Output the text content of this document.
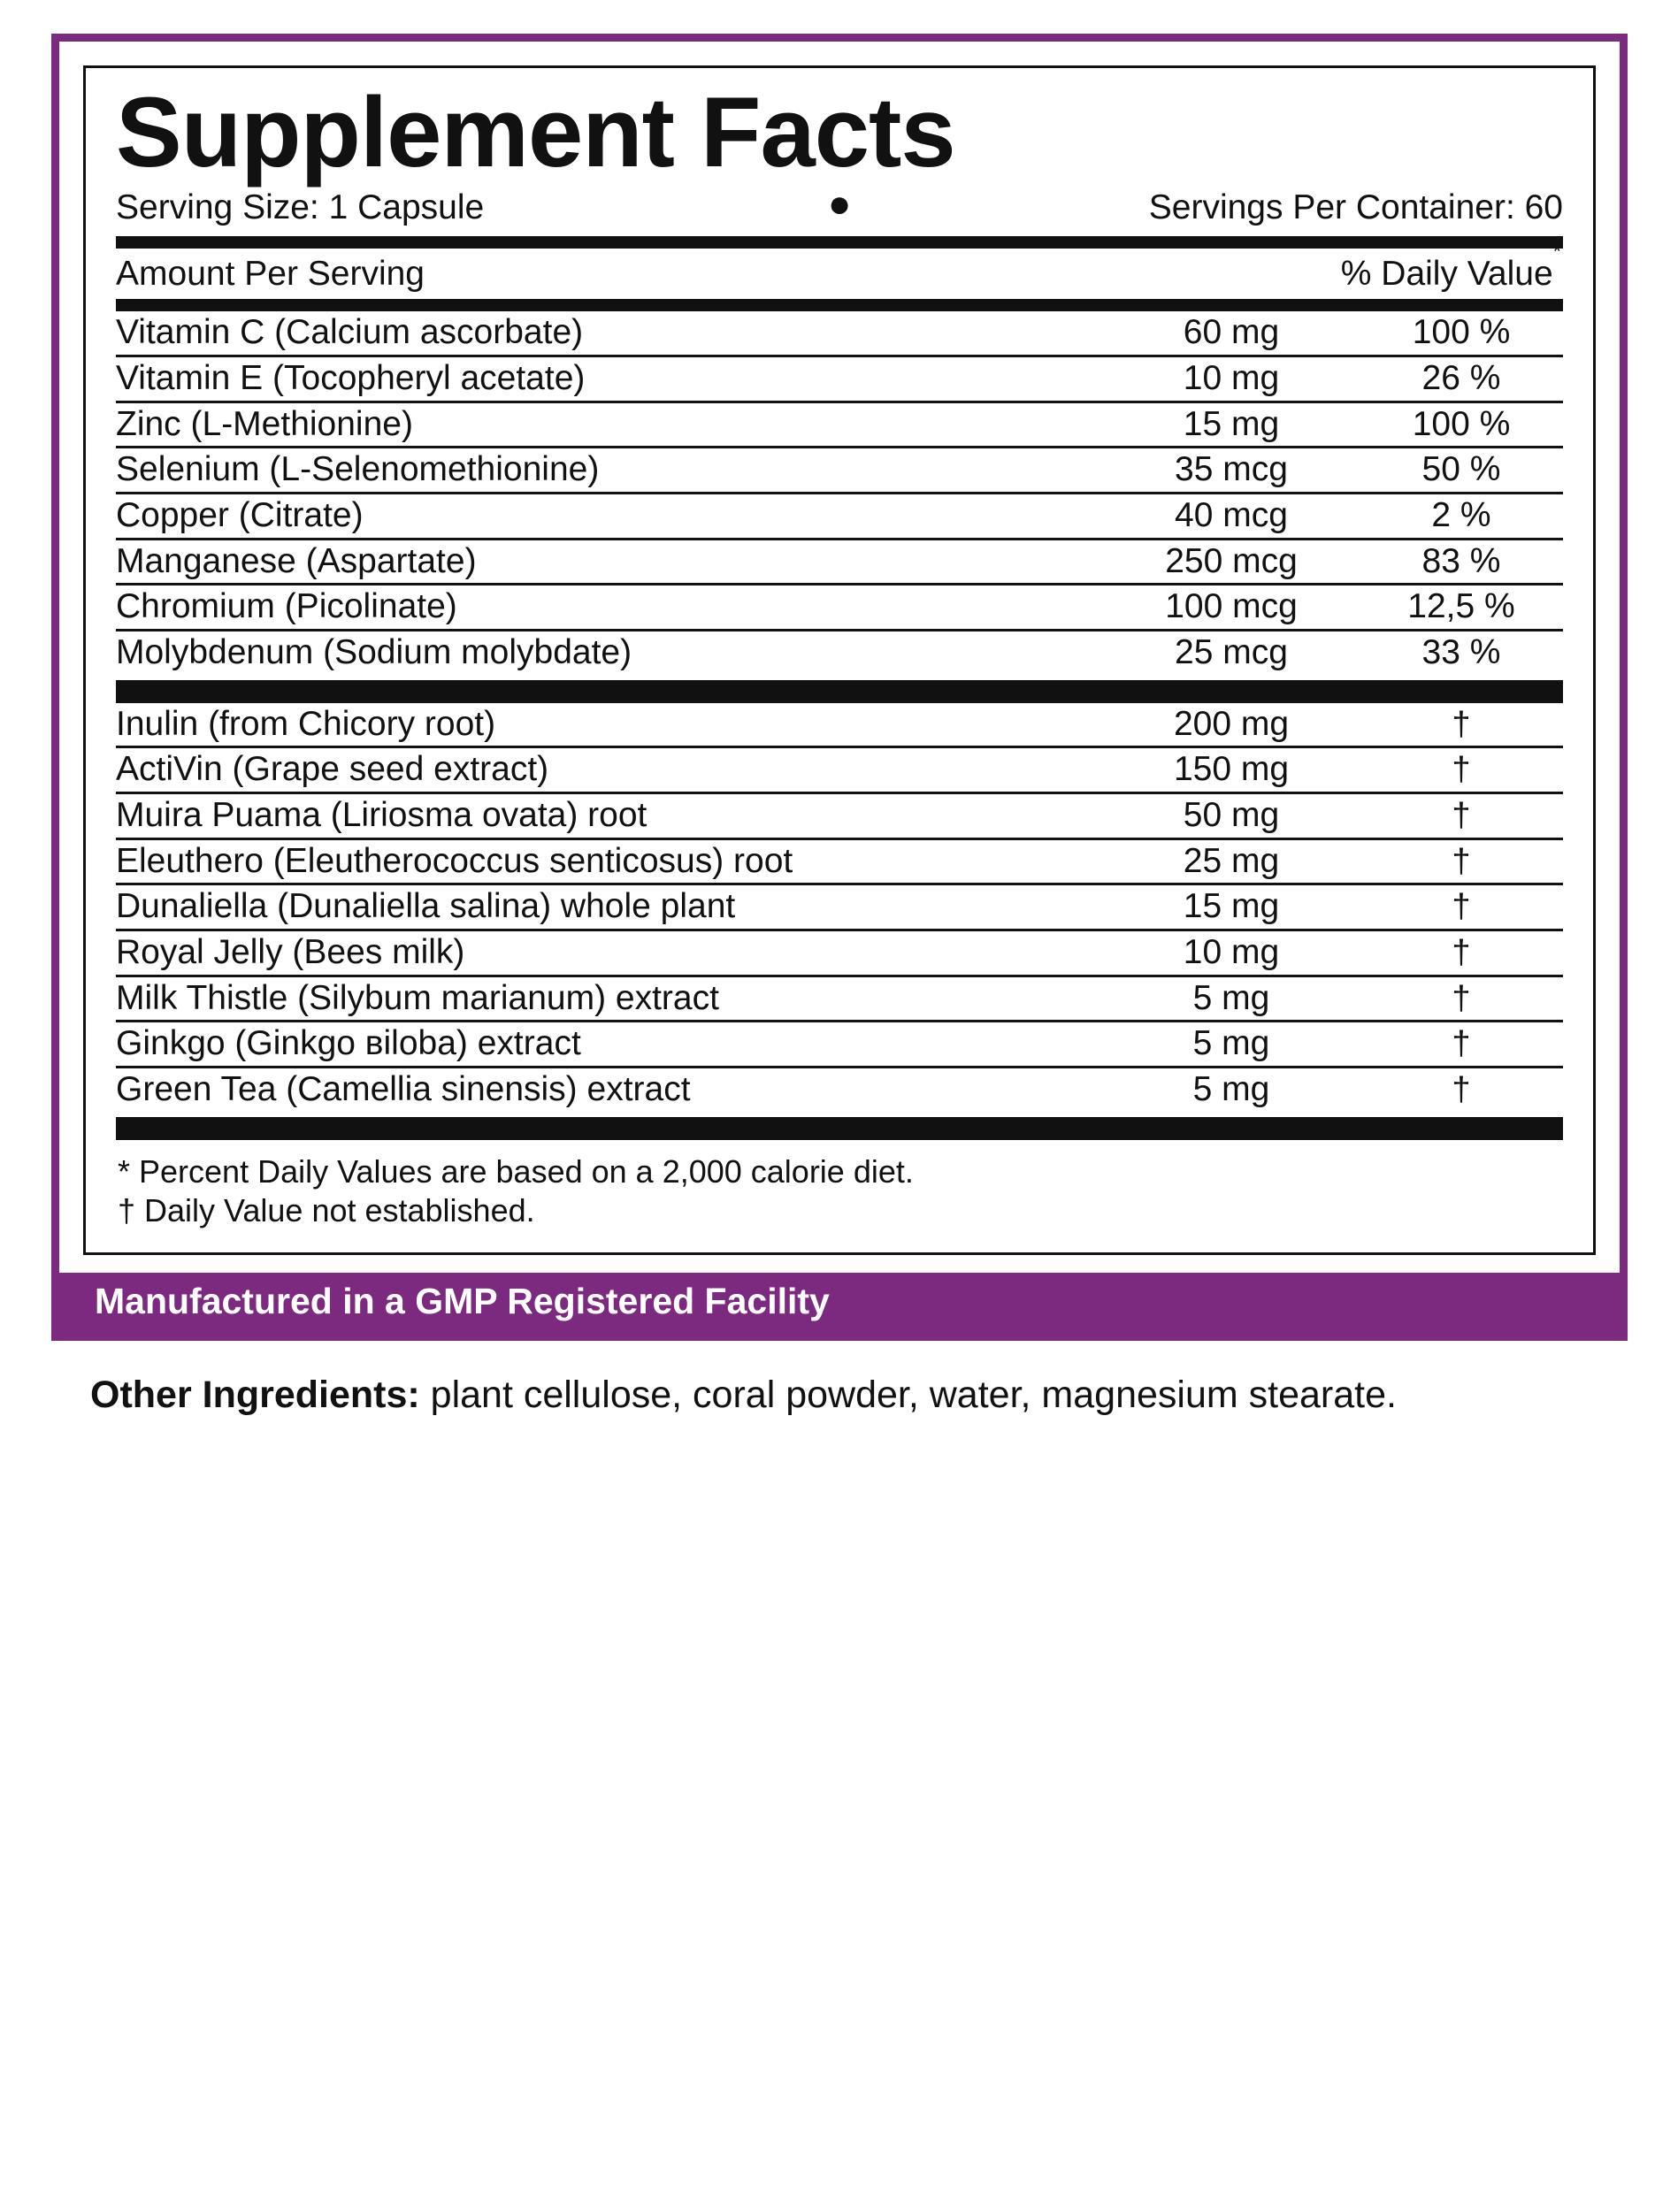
Supplement Facts
Serving Size: 1 Capsule	●	Servings Per Container: 60
Amount Per Serving	% Daily Value*
Vitamin C (Calcium ascorbate)	60 mg	100 %
Vitamin E (Tocopheryl acetate)	10 mg	26 %
Zinc (L-Methionine)	15 mg	100 %
Selenium (L-Selenomethionine)	35 mcg	50 %
Copper (Citrate)	40 mcg	2 %
Manganese (Aspartate)	250 mcg	83 %
Chromium (Picolinate)	100 mcg	12,5 %
Molybdenum (Sodium molybdate)	25 mcg	33 %
Inulin (from Chicory root)	200 mg	†
ActiVin (Grape seed extract)	150 mg	†
Muira Puama (Liriosma ovata) root	50 mg	†
Eleuthero (Eleutherococcus senticosus) root	25 mg	†
Dunaliella (Dunaliella salina) whole plant	15 mg	†
Royal Jelly (Bees milk)	10 mg	†
Milk Thistle (Silybum marianum) extract	5 mg	†
Ginkgo (Ginkgo вiloba) extract	5 mg	†
Green Tea (Camellia sinensis) extract	5 mg	†
* Percent Daily Values are based on a 2,000 calorie diet.
† Daily Value not established.
Manufactured in a GMP Registered Facility
Other Ingredients: plant cellulose, coral powder, water, magnesium stearate.
